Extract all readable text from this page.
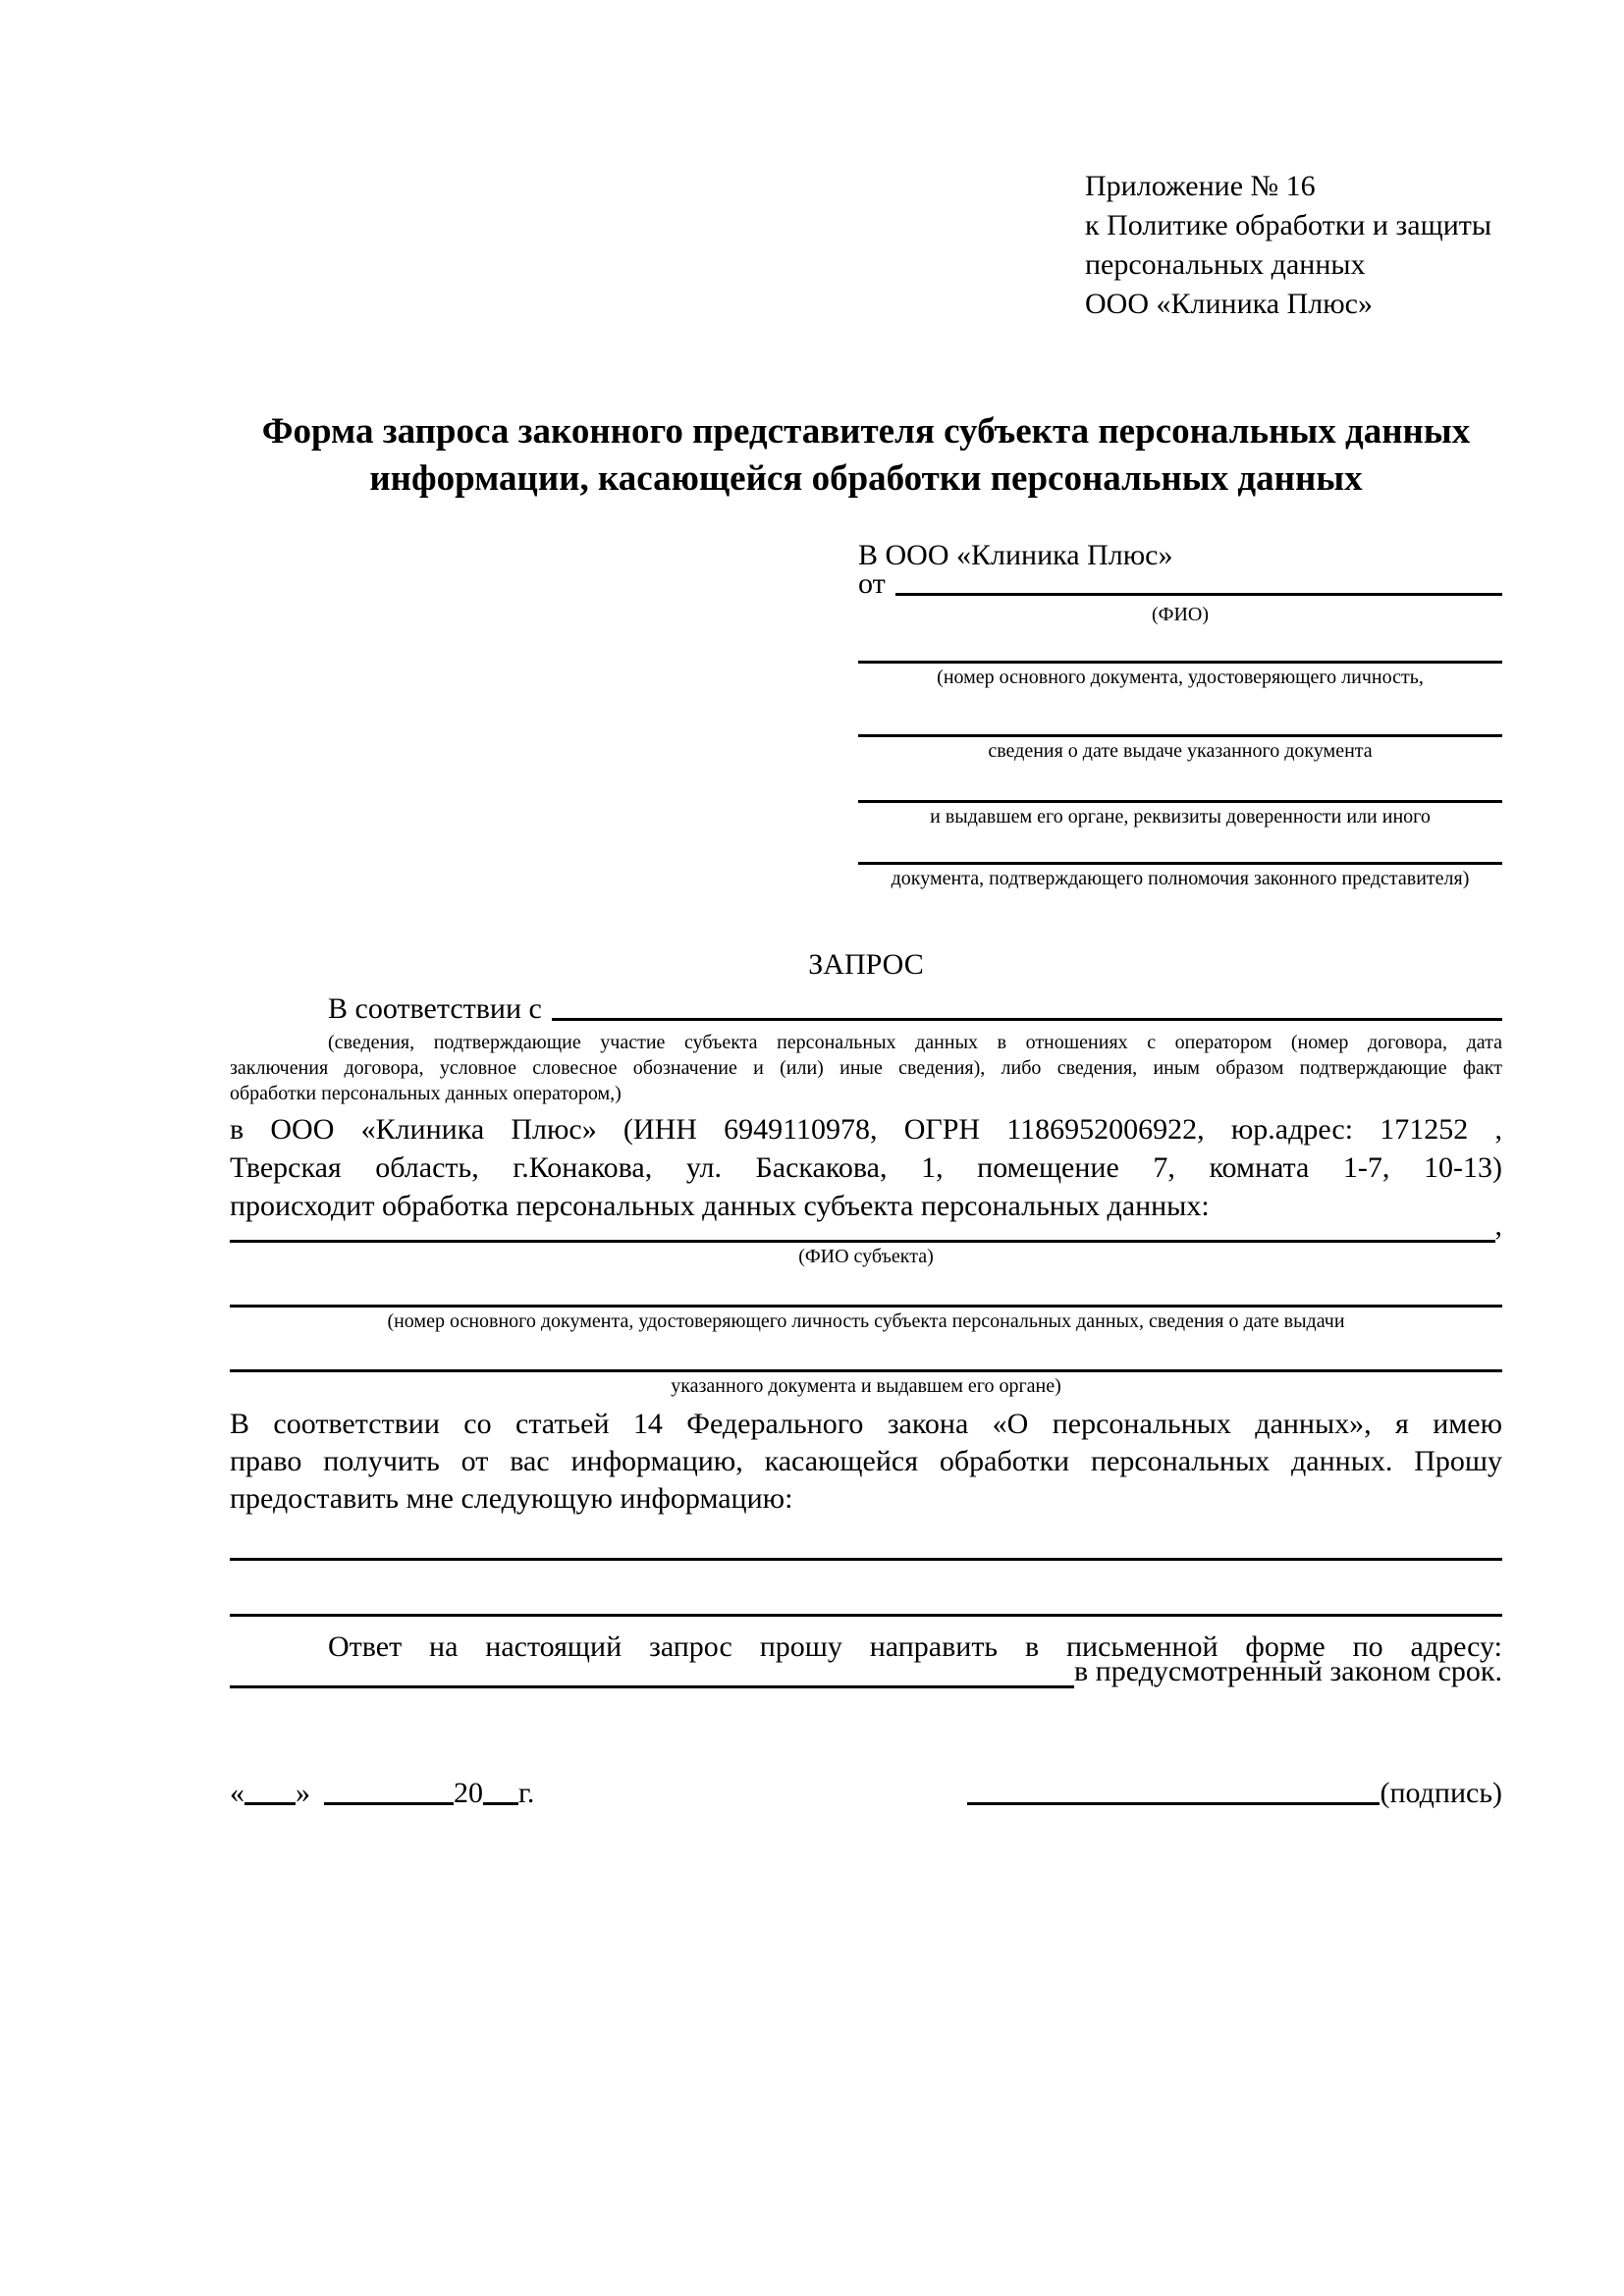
Приложение № 16
к Политике обработки и защиты
персональных данных
ООО «Клиника Плюс»
Форма запроса законного представителя субъекта персональных данных
информации, касающейся обработки персональных данных
В ООО «Клиника Плюс»
от
(ФИО)
(номер основного документа, удостоверяющего личность,
сведения о дате выдаче указанного документа
и выдавшем его органе, реквизиты доверенности или иного
документа, подтверждающего полномочия законного представителя)
ЗАПРОС
В соответствии с
(сведения, подтверждающие участие субъекта персональных данных в отношениях с оператором (номер договора, дата
заключения договора, условное словесное обозначение и (или) иные сведения), либо сведения, иным образом подтверждающие факт
обработки персональных данных оператором,)
в ООО «Клиника Плюс» (ИНН 6949110978, ОГРН 1186952006922, юр.адрес: 171252 ,
Тверская область, г.Конакова, ул. Баскакова, 1, помещение 7, комната 1-7, 10-13)
происходит обработка персональных данных субъекта персональных данных:
,
(ФИО субъекта)
(номер основного документа, удостоверяющего личность субъекта персональных данных, сведения о дате выдачи
указанного документа и выдавшем его органе)
В соответствии со статьей 14 Федерального закона «О персональных данных», я имею
право получить от вас информацию, касающейся обработки персональных данных. Прошу
предоставить мне следующую информацию:
Ответ на настоящий запрос прошу направить в письменной форме по адресу:
в предусмотренный законом срок.
« »	20 г.	(подпись)
